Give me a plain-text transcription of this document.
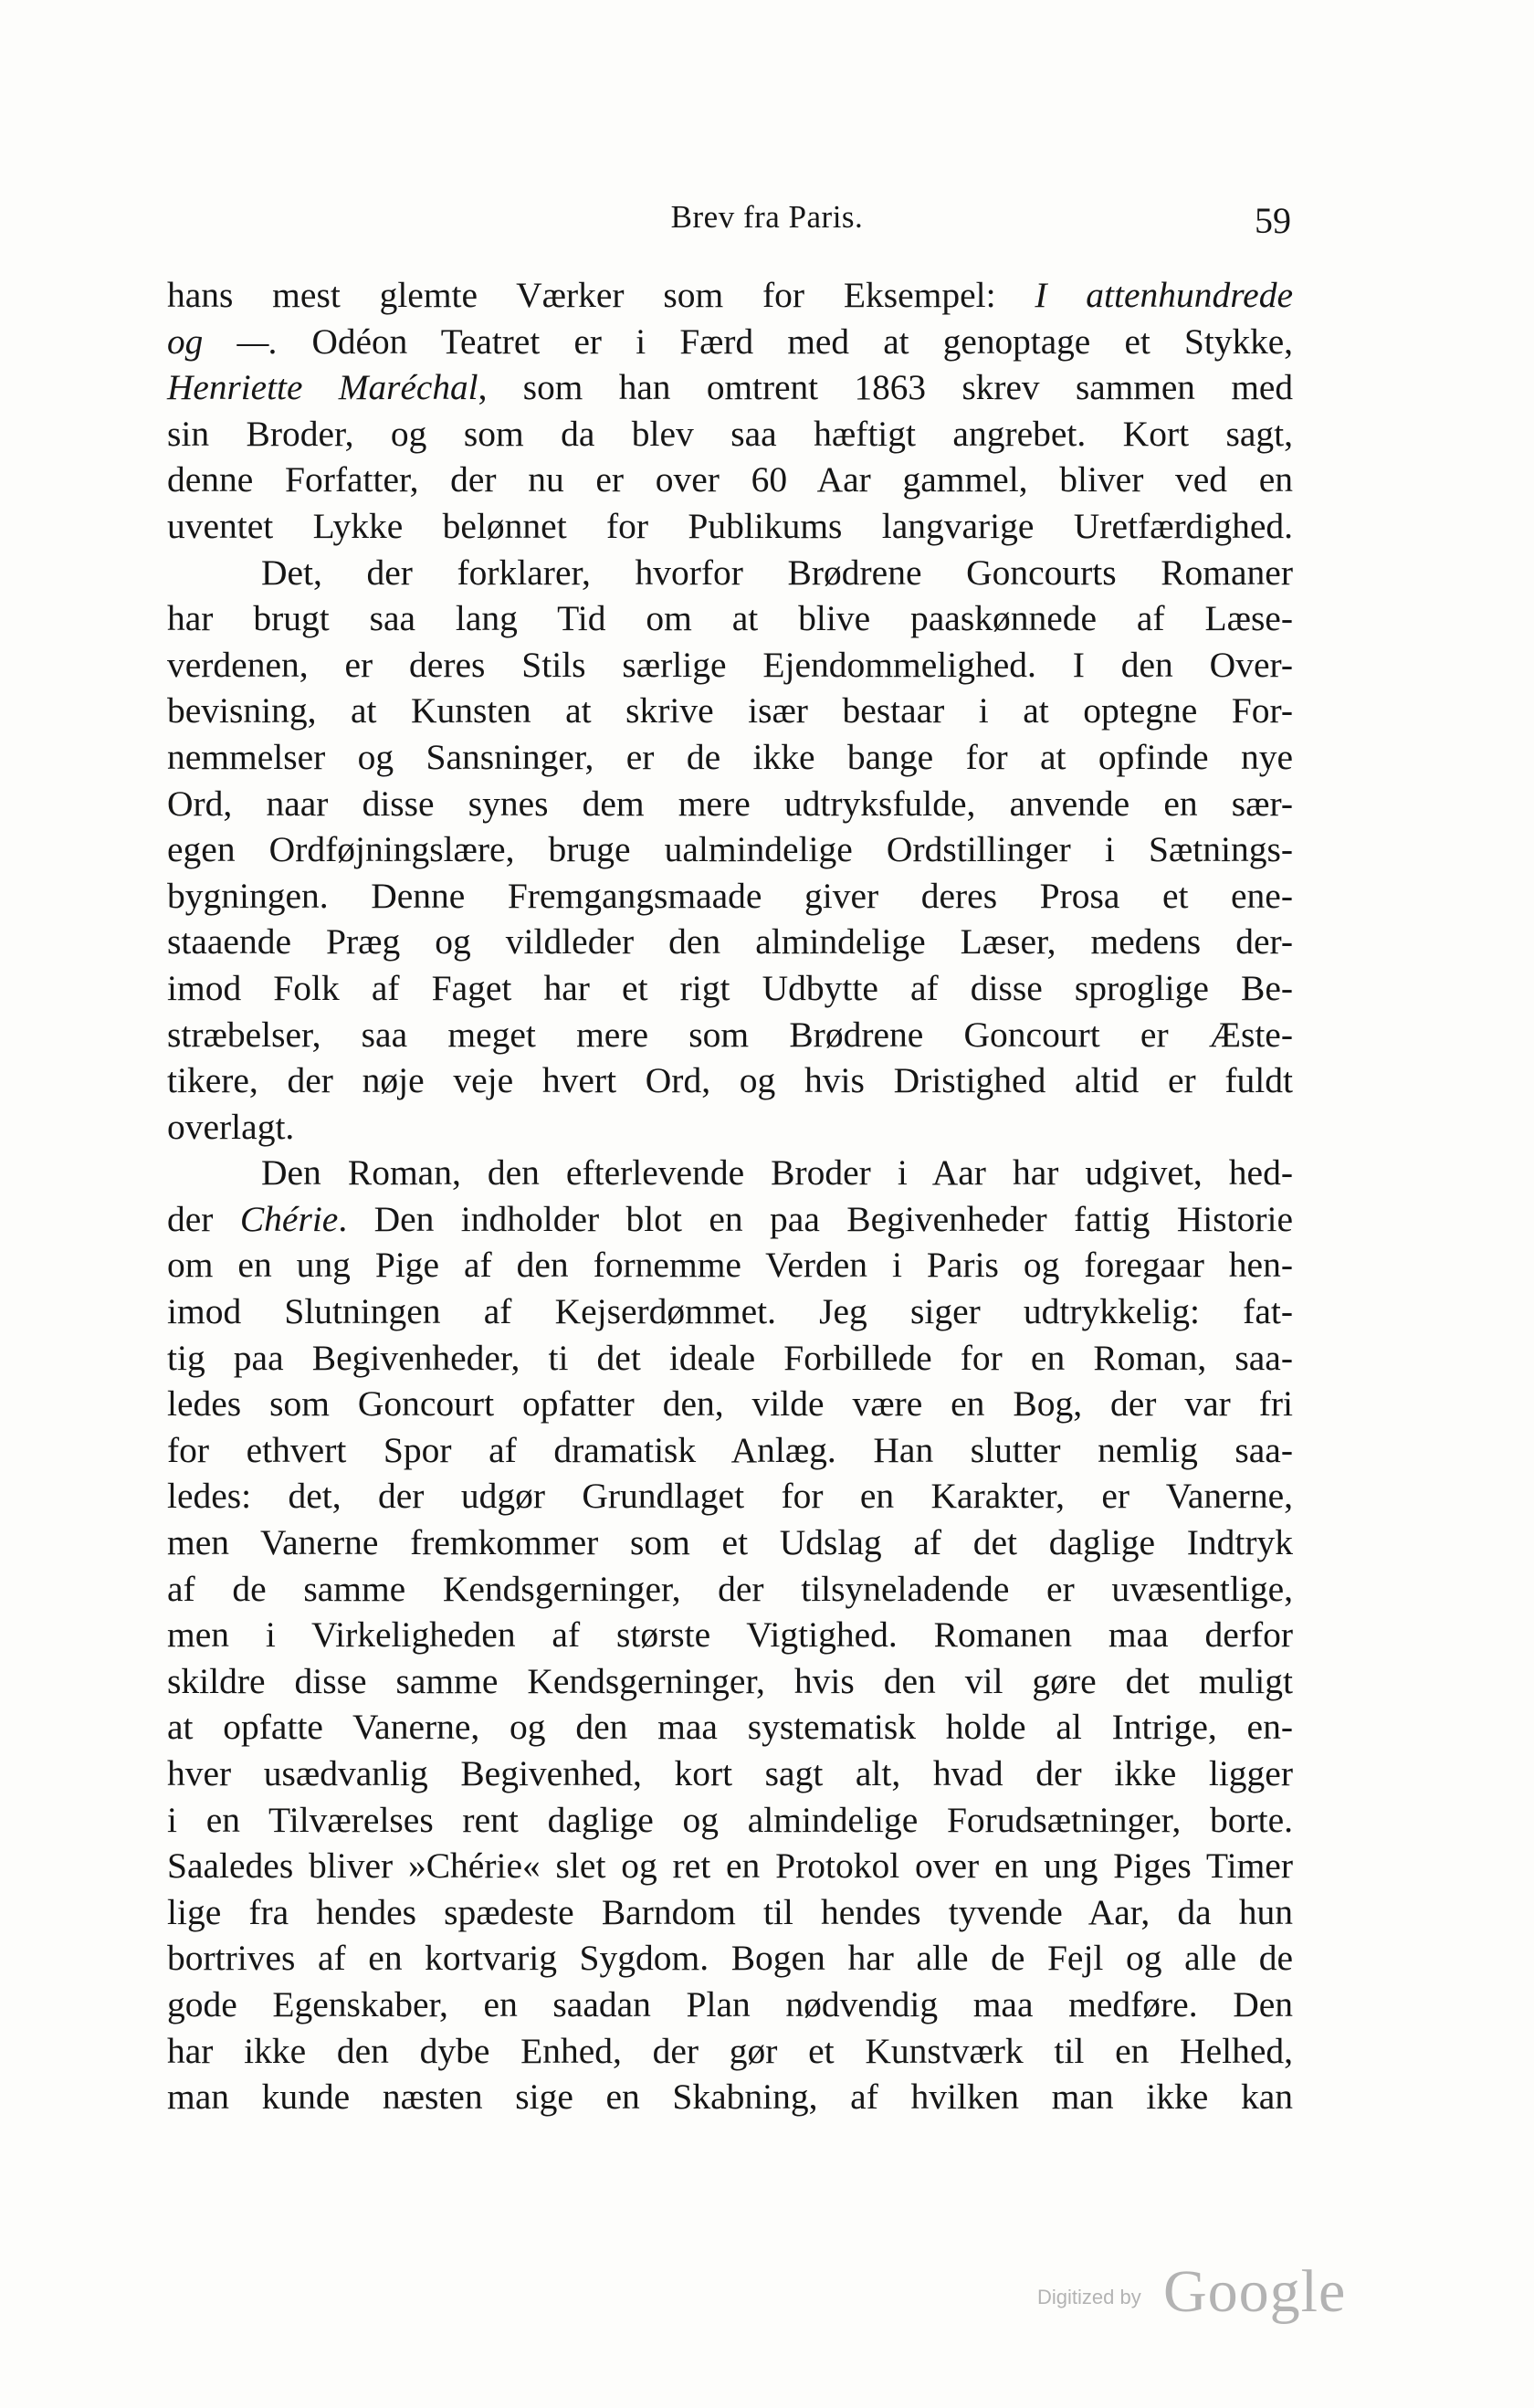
Brev fra Paris.	59
hans mest glemte Værker som for Eksempel: I attenhundrede
og —. Odéon Teatret er i Færd med at genoptage et Stykke,
Henriette Maréchal, som han omtrent 1863 skrev sammen med
sin Broder, og som da blev saa hæftigt angrebet. Kort sagt,
denne Forfatter, der nu er over 60 Aar gammel, bliver ved en
uventet Lykke belønnet for Publikums langvarige Uretfærdighed.
Det, der forklarer, hvorfor Brødrene Goncourts Romaner
har brugt saa lang Tid om at blive paaskønnede af Læse-
verdenen, er deres Stils særlige Ejendommelighed. I den Over-
bevisning, at Kunsten at skrive især bestaar i at optegne For-
nemmelser og Sansninger, er de ikke bange for at opfinde nye
Ord, naar disse synes dem mere udtryksfulde, anvende en sær-
egen Ordføjningslære, bruge ualmindelige Ordstillinger i Sætnings-
bygningen. Denne Fremgangsmaade giver deres Prosa et ene-
staaende Præg og vildleder den almindelige Læser, medens der-
imod Folk af Faget har et rigt Udbytte af disse sproglige Be-
stræbelser, saa meget mere som Brødrene Goncourt er Æste-
tikere, der nøje veje hvert Ord, og hvis Dristighed altid er fuldt
overlagt.
Den Roman, den efterlevende Broder i Aar har udgivet, hed-
der Chérie. Den indholder blot en paa Begivenheder fattig Historie
om en ung Pige af den fornemme Verden i Paris og foregaar hen-
imod Slutningen af Kejserdømmet. Jeg siger udtrykkelig: fat-
tig paa Begivenheder, ti det ideale Forbillede for en Roman, saa-
ledes som Goncourt opfatter den, vilde være en Bog, der var fri
for ethvert Spor af dramatisk Anlæg. Han slutter nemlig saa-
ledes: det, der udgør Grundlaget for en Karakter, er Vanerne,
men Vanerne fremkommer som et Udslag af det daglige Indtryk
af de samme Kendsgerninger, der tilsyneladende er uvæsentlige,
men i Virkeligheden af største Vigtighed. Romanen maa derfor
skildre disse samme Kendsgerninger, hvis den vil gøre det muligt
at opfatte Vanerne, og den maa systematisk holde al Intrige, en-
hver usædvanlig Begivenhed, kort sagt alt, hvad der ikke ligger
i en Tilværelses rent daglige og almindelige Forudsætninger, borte.
Saaledes bliver »Chérie« slet og ret en Protokol over en ung Piges Timer
lige fra hendes spædeste Barndom til hendes tyvende Aar, da hun
bortrives af en kortvarig Sygdom. Bogen har alle de Fejl og alle de
gode Egenskaber, en saadan Plan nødvendig maa medføre. Den
har ikke den dybe Enhed, der gør et Kunstværk til en Helhed,
man kunde næsten sige en Skabning, af hvilken man ikke kan
Digitized by Google
